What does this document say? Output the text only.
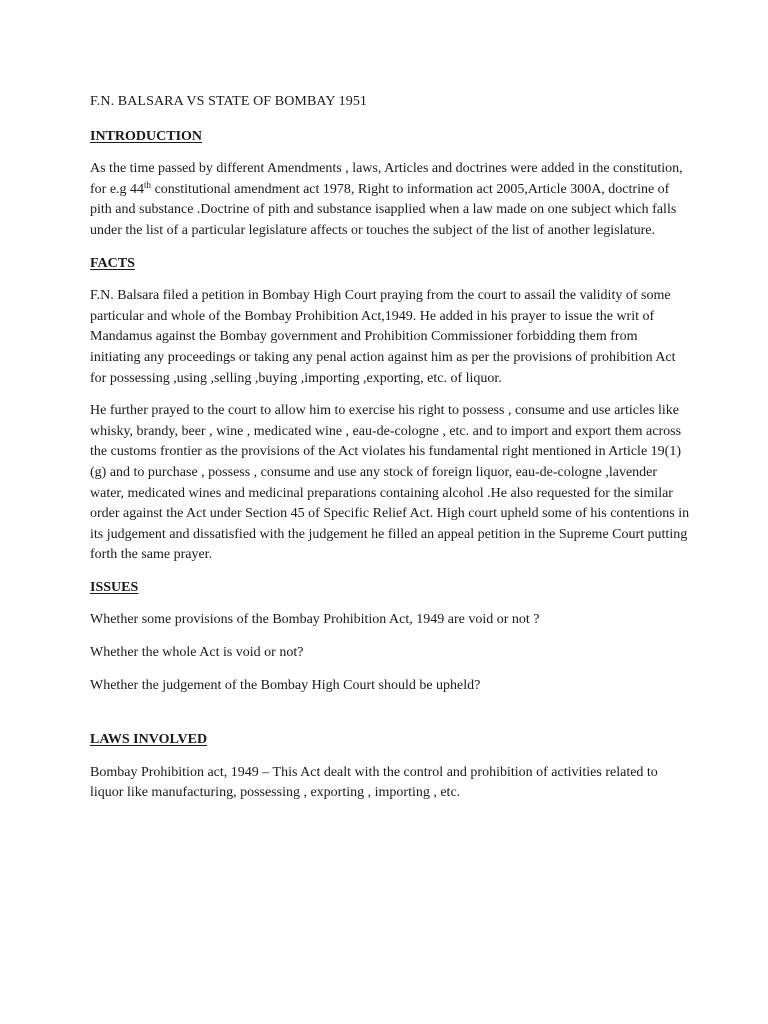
F.N. BALSARA VS STATE OF BOMBAY 1951

INTRODUCTION

As the time passed by different Amendments , laws, Articles and doctrines were added in the constitution, for e.g 44th constitutional amendment act 1978, Right to information act 2005,Article 300A, doctrine of pith and substance .Doctrine of pith and substance isapplied when a law made on one subject which falls under the list of a particular legislature affects or touches the subject of the list of another legislature.

FACTS

F.N. Balsara filed a petition in Bombay High Court praying from the court to assail the validity of some particular and whole of the Bombay Prohibition Act,1949. He added in his prayer to issue the writ of Mandamus against the Bombay government and Prohibition Commissioner forbidding them from initiating any proceedings or taking any penal action against him as per the provisions of prohibition Act for possessing ,using ,selling ,buying ,importing ,exporting, etc. of liquor.

He further prayed to the court to allow him to exercise his right to possess , consume and use articles like whisky, brandy, beer , wine , medicated wine , eau-de-cologne , etc. and to import and export them across the customs frontier as the provisions of the Act violates his fundamental right mentioned in Article 19(1)(g) and to purchase , possess , consume and use any stock of foreign liquor, eau-de-cologne ,lavender water, medicated wines and medicinal preparations containing alcohol .He also requested for the similar order against the Act under Section 45 of Specific Relief Act. High court upheld some of his contentions in its judgement and dissatisfied with the judgement he filled an appeal petition in the Supreme Court putting forth the same prayer.

ISSUES

Whether some provisions of the Bombay Prohibition Act, 1949 are void or not ?

Whether the whole Act is void or not?

Whether the judgement of the Bombay High Court should be upheld?

LAWS INVOLVED

Bombay Prohibition act, 1949 – This Act dealt with the control and prohibition of activities related to liquor like manufacturing, possessing , exporting , importing , etc.
